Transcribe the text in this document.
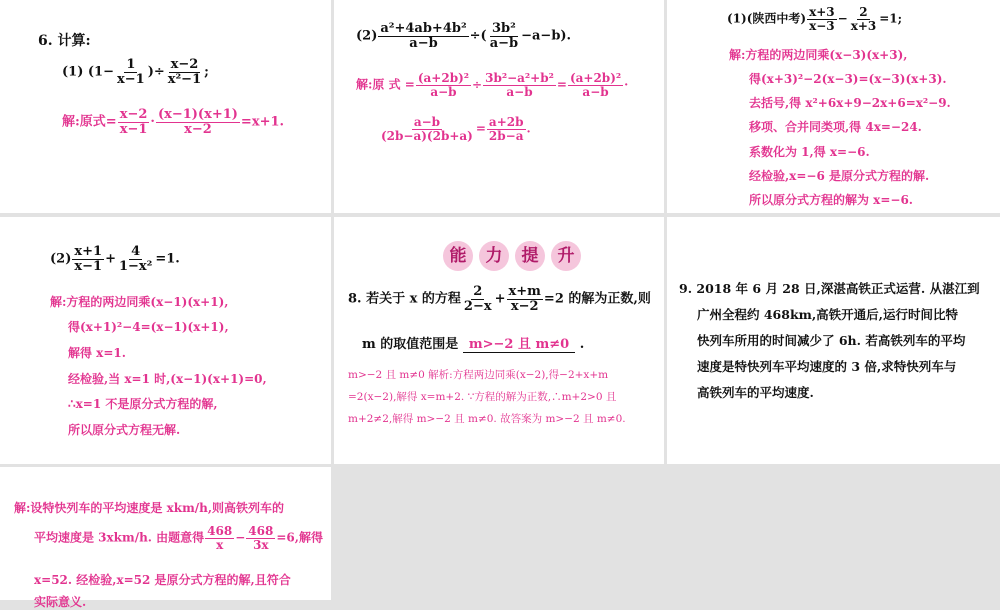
6. 计算:
(1) ($1- \frac{1}{x-1}$ )÷ $\frac{x-2}{\text{x²−1}}$ ;
解:原式= $\frac{x-2}{x-1} \cdot \frac{(x-1)(x+1)}{x-2} =x+1$.
$(2) \frac{\text{a²+4ab+4b²}}{a-b}$ ÷( $\frac{\text{3b²}}{a-b} -a-b$).
解:原 式 = $\frac{\text{(a+2b)²}}{a-b} \div \frac{\text{3b²−a²+b²}}{a-b} = \frac{\text{(a+2b)²}}{a-b}$ ·
$\frac{a-b}{(2b-a)(2b+a)} = \frac{a+2b}{2b-a}$ .
(1)(陕西中考) $\frac{x+3}{x-3} - \frac{2}{x+3} =1$;
解:方程的两边同乘(x−3)(x+3),
得(x+3)²−2(x−3)=(x−3)(x+3).
去括号,得 x²+6x+9−2x+6=x²−9.
移项、合并同类项,得 4x=−24.
系数化为 1,得 x=−6.
经检验,x=−6 是原分式方程的解.
所以原分式方程的解为 x=−6.
$(2) \frac{x+1}{x-1} + \frac{4}{\text{1−x²}} =1$.
解:方程的两边同乘(x−1)(x+1),
得(x+1)²−4=(x−1)(x+1),
解得 x=1.
经检验,当 x=1 时,(x−1)(x+1)=0,
∴x=1 不是原分式方程的解,
所以原分式方程无解.
能	力	提	升
8. 若关于 x 的方程 $\frac{2}{2-x} + \frac{x+m}{x-2} =2$ 的解为正数,则
m 的取值范围是 m>−2 且 m≠0 .
m>−2 且 m≠0 解析:方程两边同乘(x−2),得−2+x+m
=2(x−2),解得 x=m+2. ∵方程的解为正数,∴m+2>0 且
m+2≠2,解得 m>−2 且 m≠0. 故答案为 m>−2 且 m≠0.
9. 2018 年 6 月 28 日,深湛高铁正式运营. 从湛江到
广州全程约 468km,高铁开通后,运行时间比特
快列车所用的时间减少了 6h. 若高铁列车的平均
速度是特快列车平均速度的 3 倍,求特快列车与
高铁列车的平均速度.
解:设特快列车的平均速度是 xkm/h,则高铁列车的
平均速度是 3xkm/h. 由题意得 $\frac{468}{x} - \frac{468}{3x} =6$,解得
x=52. 经检验,x=52 是原分式方程的解,且符合
实际意义.
